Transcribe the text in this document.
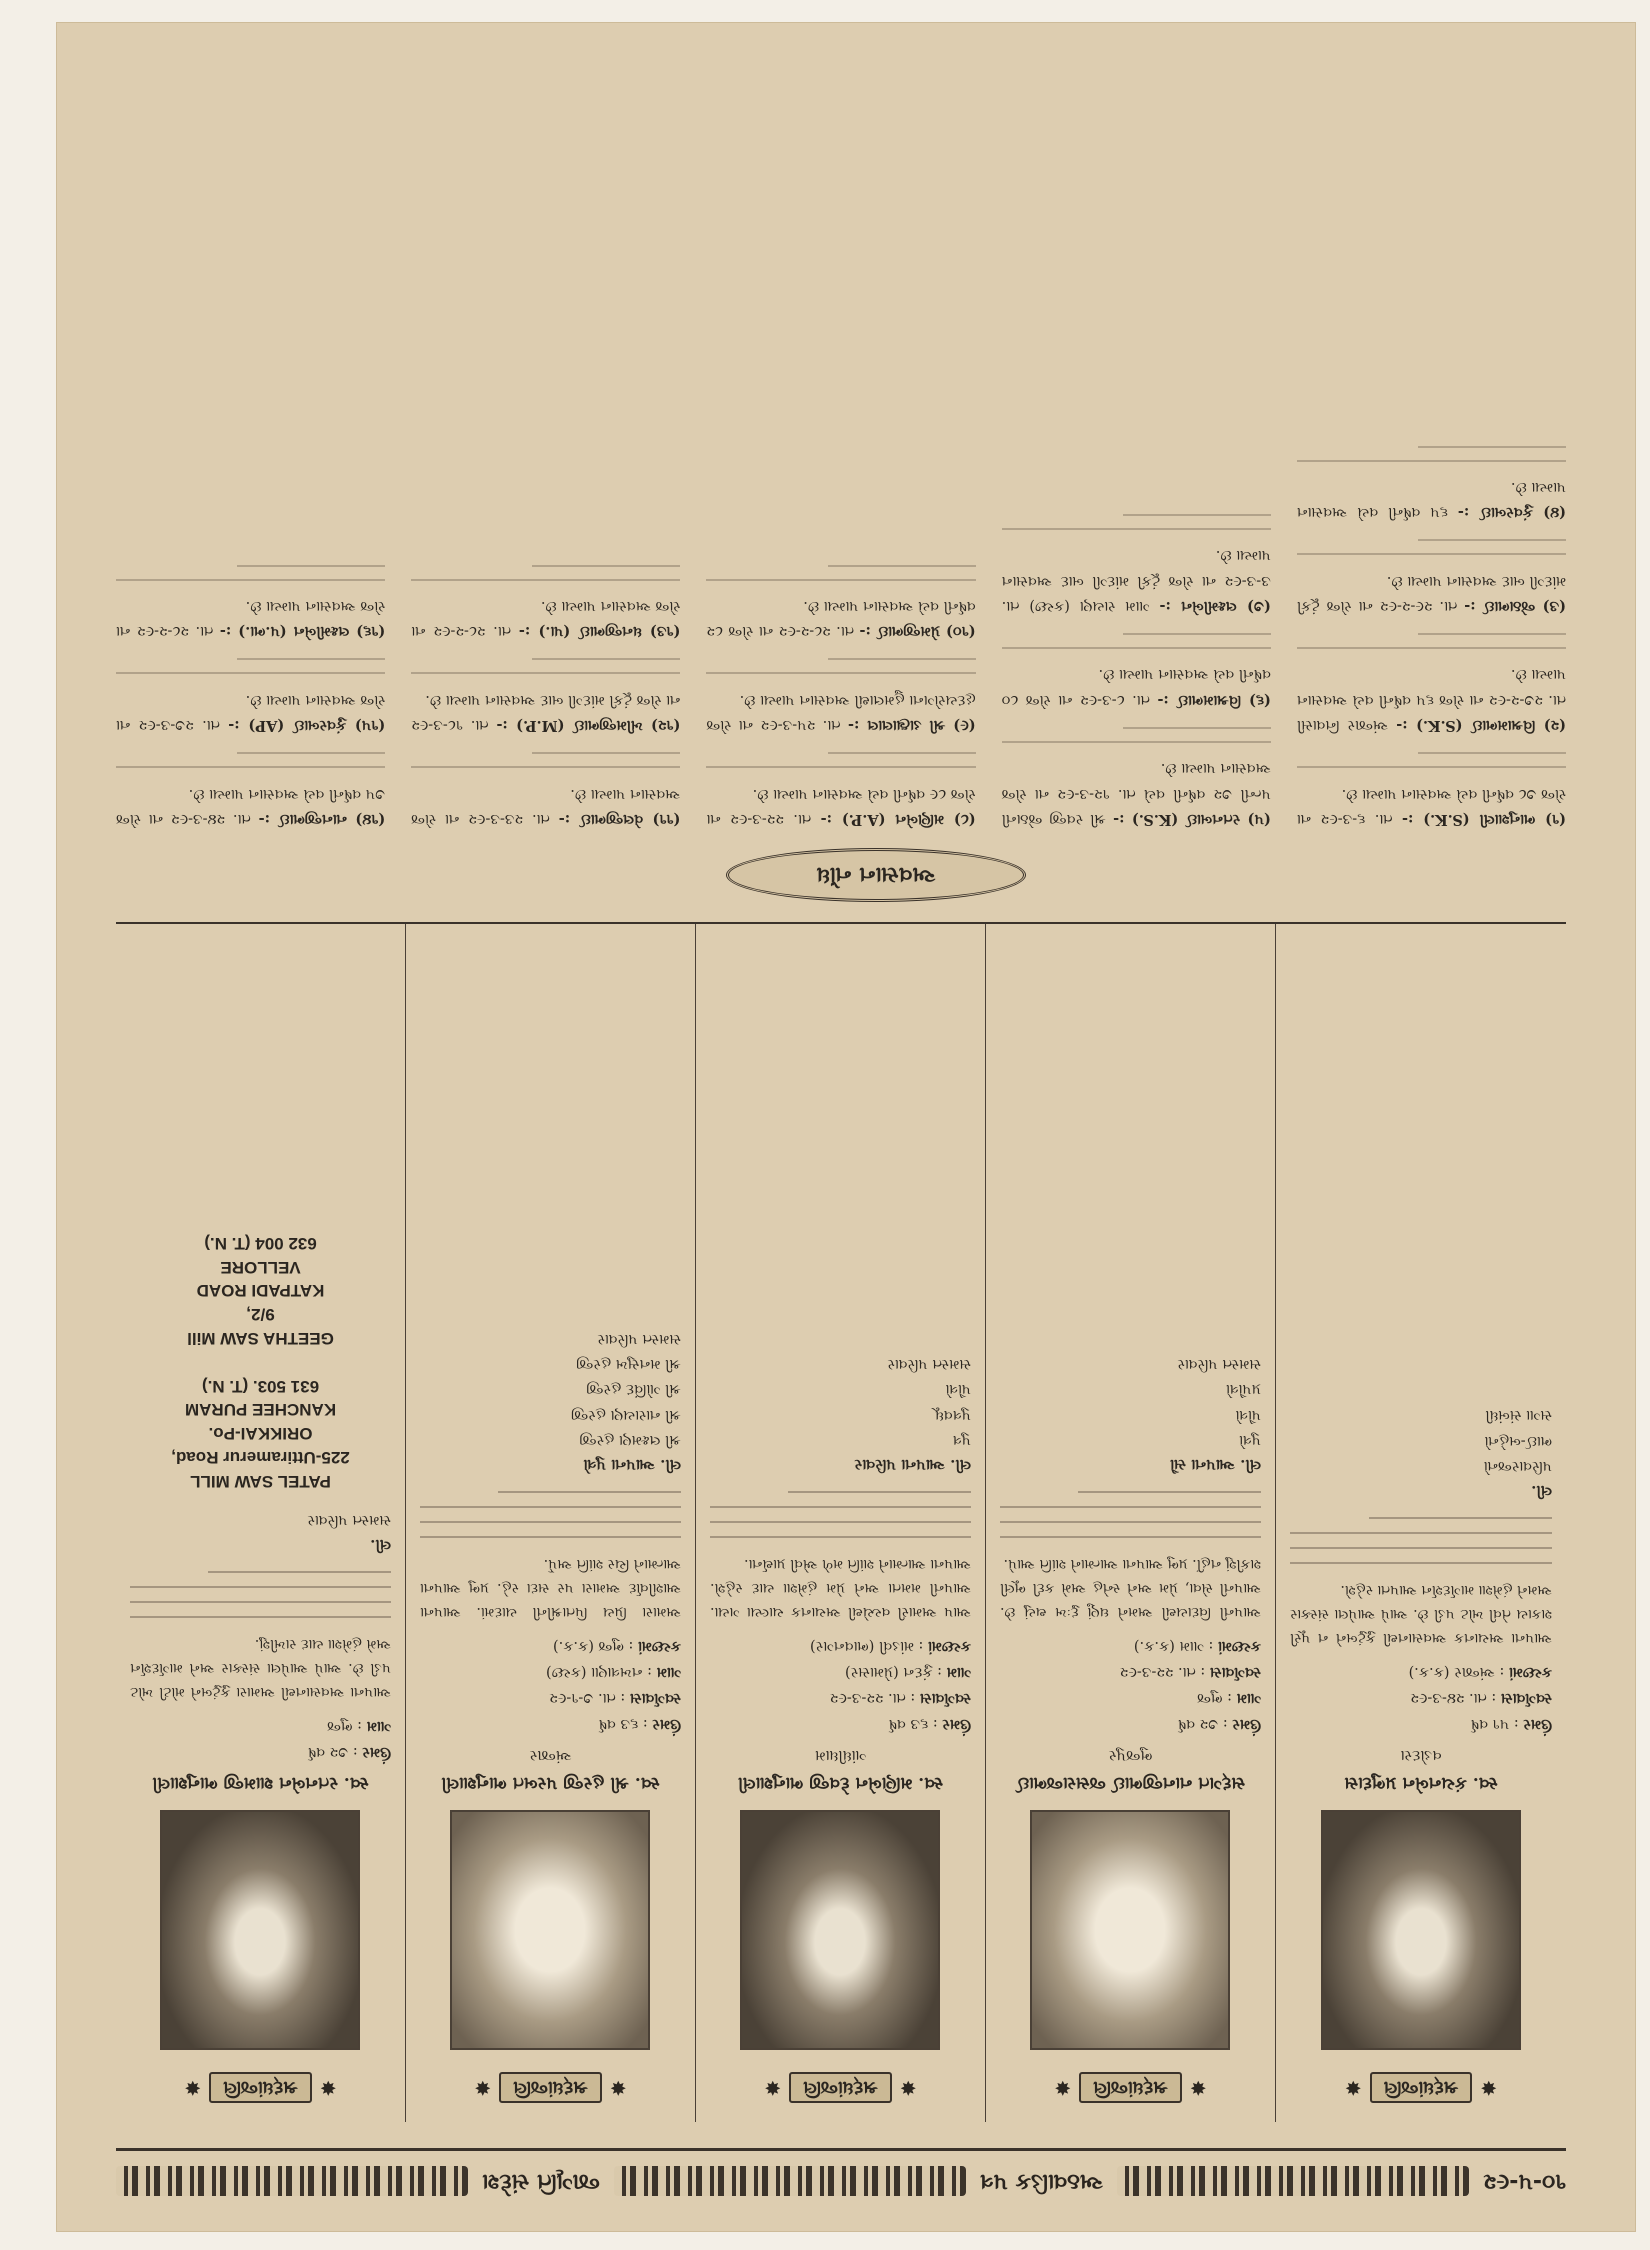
૧૦-૫-૯૨
અઠવાડિક પત્ર
જાગૃતિ સંદેશ
✸
શ્રદ્ધાંજલિ
✸
સ્વ. કંચનબેન પ્રભુદાસ
વડોદરા
ઉંમર : ૫૧ વર્ષ
સ્વર્ગવાસ : તા. ૨૪-૩-૯૨
કચ્છમાં : અંજાર (ક.ક.)
આપના અચાનક અવસાનથી કુટુંબને ન પૂરી શકાય તેવી ખોટ પડી છે. આપે આપેલા સંસ્કાર અમને હંમેશા માર્ગદર્શન આપતા રહેશે.
લી.
પરિવારજનો
ભાઈ-બહેનો
સગા સંબંધી
✸
શ્રદ્ધાંજલિ
✸
સદ્ગત નાનજીભાઈ જસરાજભાઈ
ભુજપુર
ઉંમર : ૭૨ વર્ષ
ગામ : ભુજ
સ્વર્ગવાસ : તા. ૨૨-૩-૯૨
કચ્છમાં : ગામ (ક.ક.)
આપની વિદાયથી અમને ઘણું દુઃખ થયું છે. આપની સેવા, પ્રેમ અને સ્નેહ અમે કદી ભૂલી શકીશું નહીં. પ્રભુ આપના આત્માને શાંતિ આપે.
લી. આપના સૌ
પુત્રો
પૌત્રો
પ્રપૌત્રો
સમસ્ત પરિવાર
✸
શ્રદ્ધાંજલિ
✸
સ્વ. મણિબેન દેવજી ભાનુશાલી
ગાંધીધામ
ઉંમર : ૬૩ વર્ષ
સ્વર્ગવાસ : તા. ૨૨-૩-૯૨
ગામ : કુંદન (પ્રેમાસર)
કચ્છમાં : માંડવી (ભાવનગર)
આપ અમારી વચ્ચેથી અચાનક ચાલ્યા ગયા. આપની મમતા અને પ્રેમ હંમેશા યાદ રહેશે. આપના આત્માને શાંતિ મળે એવી પ્રાર્થના.
લી. આપના પરિવાર
પુત્ર
પુત્રવધૂ
પૌત્રો
સમસ્ત પરિવાર
✸
શ્રદ્ધાંજલિ
✸
સ્વ. શ્રી હરજી પરબત ભાનુશાલી
અંજાર
ઉંમર : ૬૩ વર્ષ
સ્વર્ગવાસ : તા. ૭-૧-૯૨
ગામ : નખત્રાણા (કચ્છ)
કચ્છમાં : ભુજ (ક.ક.)
અમારા પ્રિય પિતાશ્રીની યાદમાં. આપના આશીર્વાદ અમારા પર સદા રહે. પ્રભુ આપના આત્માને ચિર શાંતિ અર્પે.
લી. આપના પુત્રો
શ્રી લક્ષ્મણ હરજી
શ્રી નારાયણ હરજી
શ્રી ગોવિંદ હરજી
શ્રી મનસુખ હરજી
સમસ્ત પરિવાર
✸
શ્રદ્ધાંજલિ
✸
સ્વ. રતનબેન શામજી ભાનુશાલી
ઉંમર : ૭૨ વર્ષ
ગામ : ભુજ
આપના અવસાનથી અમારા કુટુંબને મોટી ખોટ પડી છે. આપે આપેલા સંસ્કાર અને માર્ગદર્શન અમે હંમેશા યાદ રાખીશું.
લી.
સમસ્ત પરિવાર
PATEL SAW MILL
225-Uttiramerur Road,
ORIKKAI-Po.
KANCHEE PURAM
631 503. (T. N.)

GEETHA SAW Mill
9/2,
KATPADI ROAD
VELLORE
632 004 (T. N.)
અવસાન નોંધ
(૧) ભાનુશાલી (S.K.) :- તા. ૬-૩-૯૨ ના રોજ ૭૮ વર્ષની વયે અવસાન પામ્યા છે.
(૨) વિશ્રામભાઈ (S.K.) :- અંજાર નિવાસી તા. ૨૭-૨-૯૨ ના રોજ ૬૫ વર્ષની વયે અવસાન પામ્યા છે.
(૩) જેઠાભાઈ :- તા. ૨૯-૨-૯૨ ના રોજ ટૂંકી માંદગી બાદ અવસાન પામ્યા છે.
(૪) કુંવરબાઈ :- ૬૫ વર્ષની વયે અવસાન પામ્યા છે.
(૫) રતનબાઈ (K.S.) :- શ્રી રવજી જેઠાની પત્ની ૭૨ વર્ષની વયે તા. ૧૨-૩-૯૨ ના રોજ અવસાન પામ્યા છે.
(૬) વિશ્રામભાઈ :- તા. ૮-૩-૯૨ ના રોજ ૮૦ વર્ષની વયે અવસાન પામ્યા છે.
(૭) લક્ષ્મીબેન :- ગામ રાયણ (કચ્છ) તા. ૩-૩-૯૨ ના રોજ ટૂંકી માંદગી બાદ અવસાન પામ્યા છે.
(૮) મણિબેન (A.P.) :- તા. ૨૨-૩-૯૨ ના રોજ ૮૯ વર્ષની વયે અવસાન પામ્યા છે.
(૯) શ્રી ડાહ્યાલાલ :- તા. ૨૫-૩-૯૨ ના રોજ હૃદયરોગના હુમલાથી અવસાન પામ્યા છે.
(૧૦) પ્રેમજીભાઈ :- તા. ૨૮-૨-૯૨ ના રોજ ૮૨ વર્ષની વયે અવસાન પામ્યા છે.
(૧૧) વેલજીભાઈ :- તા. ૨૩-૩-૯૨ ના રોજ અવસાન પામ્યા છે.
(૧૨) ખીમજીભાઈ (M.P.) :- તા. ૧૮-૩-૯૨ ના રોજ ટૂંકી માંદગી બાદ અવસાન પામ્યા છે.
(૧૩) ધનજીભાઈ (પા.) :- તા. ૨૮-૨-૯૨ ના રોજ અવસાન પામ્યા છે.
(૧૪) નાનજીભાઈ :- તા. ૨૪-૩-૯૨ ના રોજ ૭૫ વર્ષની વયે અવસાન પામ્યા છે.
(૧૫) કુંવરબાઈ (AP) :- તા. ૨૭-૩-૯૨ ના રોજ અવસાન પામ્યા છે.
(૧૬) લક્ષ્મીબેન (પ.ભા.) :- તા. ૨૮-૨-૯૨ ના રોજ અવસાન પામ્યા છે.
